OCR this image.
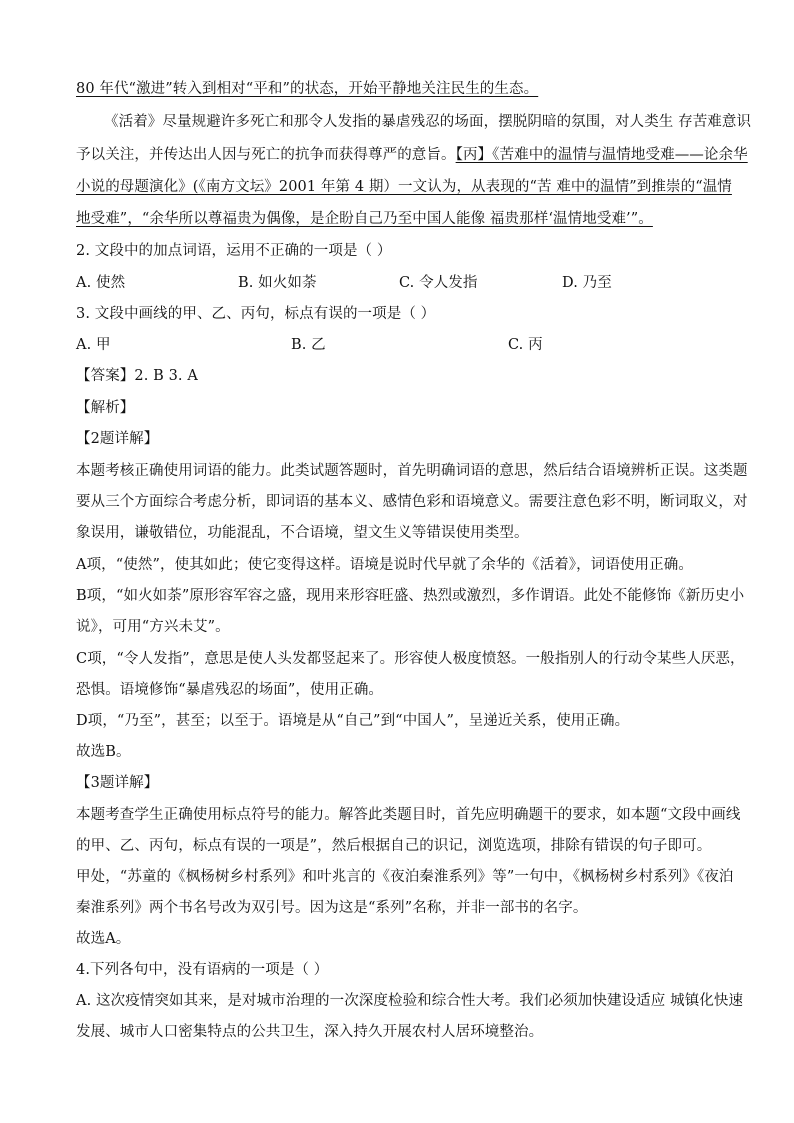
80 年代“激进”转入到相对“平和”的状态，开始平静地关注民生的生态。
《活着》尽量规避许多死亡和那令人发指的暴虐残忍的场面，摆脱阴暗的氛围，对人类生 存苦难意识
予以关注，并传达出人因与死亡的抗争而获得尊严的意旨。【丙】《苦难中的温情与温情地受难——论余华
小说的母题演化》(《南方文坛》2001 年第 4 期）一文认为，从表现的“苦 难中的温情”到推崇的“温情
地受难”，“余华所以尊福贵为偶像，是企盼自己乃至中国人能像 福贵那样‘温情地受难’”。
2. 文段中的加点词语，运用不正确的一项是（ ）
A. 使然	B. 如火如荼	C. 令人发指	D. 乃至
3. 文段中画线的甲、乙、丙句，标点有误的一项是（ ）
A. 甲	B. 乙	C. 丙
【答案】2. B 3. A
【解析】
【2题详解】
本题考核正确使用词语的能力。此类试题答题时，首先明确词语的意思，然后结合语境辨析正误。这类题
要从三个方面综合考虑分析，即词语的基本义、感情色彩和语境意义。需要注意色彩不明，断词取义，对
象误用，谦敬错位，功能混乱，不合语境，望文生义等错误使用类型。
A项，“使然”，使其如此；使它变得这样。语境是说时代早就了余华的《活着》，词语使用正确。
B项，“如火如荼”原形容军容之盛，现用来形容旺盛、热烈或激烈，多作谓语。此处不能修饰《新历史小
说》，可用“方兴未艾”。
C项，“令人发指”，意思是使人头发都竖起来了。形容使人极度愤怒。一般指别人的行动令某些人厌恶，
恐惧。语境修饰“暴虐残忍的场面”，使用正确。
D项，“乃至”，甚至；以至于。语境是从“自己”到“中国人”，呈递近关系，使用正确。
故选B。
【3题详解】
本题考查学生正确使用标点符号的能力。解答此类题目时，首先应明确题干的要求，如本题“文段中画线
的甲、乙、丙句，标点有误的一项是”，然后根据自己的识记，浏览选项，排除有错误的句子即可。
甲处，“苏童的《枫杨树乡村系列》和叶兆言的《夜泊秦淮系列》等”一句中，《枫杨树乡村系列》《夜泊
秦淮系列》两个书名号改为双引号。因为这是“系列”名称，并非一部书的名字。
故选A。
4.下列各句中，没有语病的一项是（ ）
A. 这次疫情突如其来，是对城市治理的一次深度检验和综合性大考。我们必须加快建设适应 城镇化快速
发展、城市人口密集特点的公共卫生，深入持久开展农村人居环境整治。
